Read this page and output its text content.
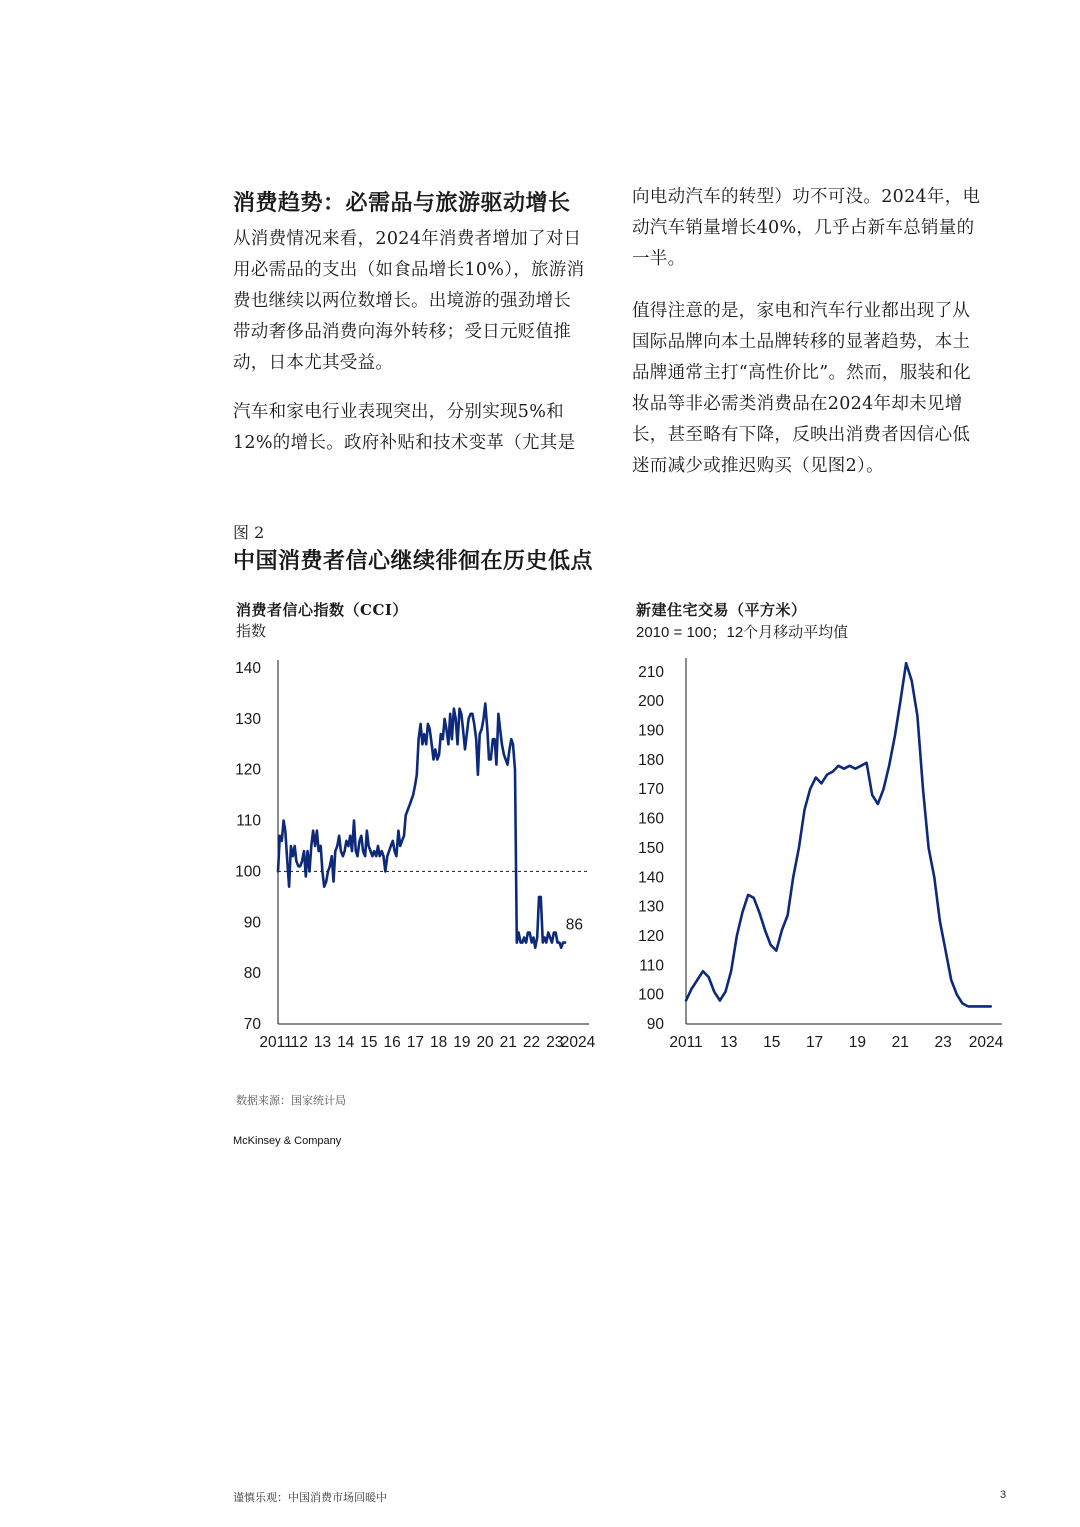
消费趋势：必需品与旅游驱动增长
从消费情况来看，2024年消费者增加了对日
用必需品的支出（如食品增长10%），旅游消
费也继续以两位数增长。出境游的强劲增长
带动奢侈品消费向海外转移；受日元贬值推
动，日本尤其受益。
汽车和家电行业表现突出，分别实现5%和
12%的增长。政府补贴和技术变革（尤其是
向电动汽车的转型）功不可没。2024年，电
动汽车销量增长40%，几乎占新车总销量的
一半。
值得注意的是，家电和汽车行业都出现了从
国际品牌向本土品牌转移的显著趋势，本土
品牌通常主打“高性价比”。然而，服装和化
妆品等非必需类消费品在2024年却未见增
长，甚至略有下降，反映出消费者因信心低
迷而减少或推迟购买（见图2）。
图 2
中国消费者信心继续徘徊在历史低点
消费者信心指数（CCI）
指数
新建住宅交易（平方米）
2010 = 100；12个月移动平均值
70
80
90
100
110
120
130
140
2011
12 13 14 15 16 17 18 19 20 21 22 23
2024
86
90
100
110
120
130
140
150
160
170
180
190
200
210
2011 13 15 17 19 21 23 2024
数据来源：国家统计局
McKinsey & Company
谨慎乐观：中国消费市场回暖中	3
